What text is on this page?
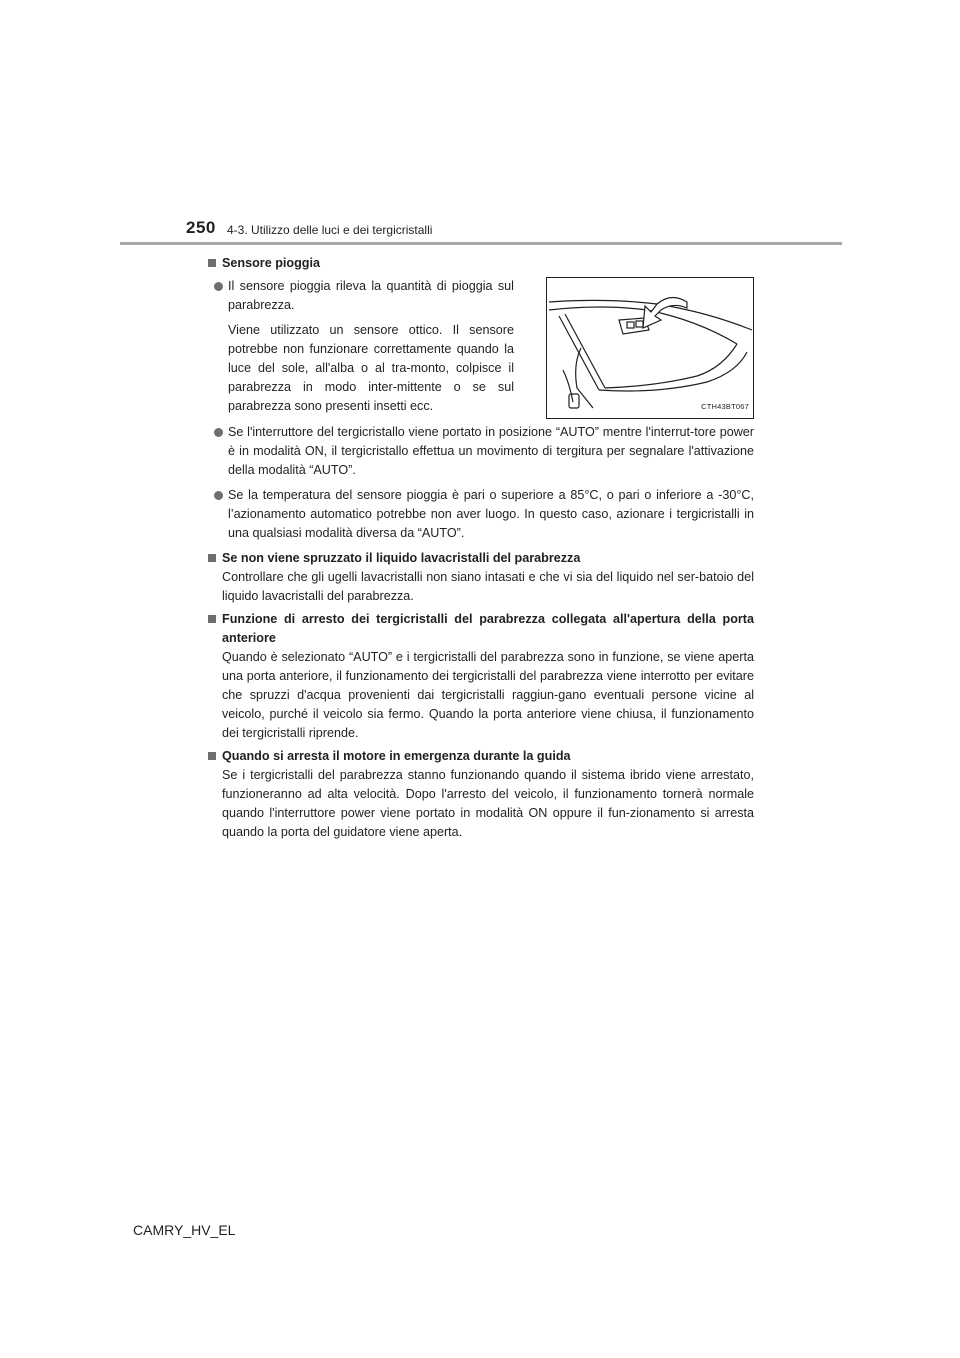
250 4-3. Utilizzo delle luci e dei tergicristalli
Sensore pioggia
Il sensore pioggia rileva la quantità di pioggia sul parabrezza.
Viene utilizzato un sensore ottico. Il sensore potrebbe non funzionare correttamente quando la luce del sole, all'alba o al tra-monto, colpisce il parabrezza in modo inter-mittente o se sul parabrezza sono presenti insetti ecc.	CTH43BT067
Se l'interruttore del tergicristallo viene portato in posizione “AUTO” mentre l'interrut-tore power è in modalità ON, il tergicristallo effettua un movimento di tergitura per segnalare l'attivazione della modalità “AUTO”.
Se la temperatura del sensore pioggia è pari o superiore a 85°C, o pari o inferiore a -30°C, l’azionamento automatico potrebbe non aver luogo. In questo caso, azionare i tergicristalli in una qualsiasi modalità diversa da “AUTO”.
Se non viene spruzzato il liquido lavacristalli del parabrezza
Controllare che gli ugelli lavacristalli non siano intasati e che vi sia del liquido nel ser-batoio del liquido lavacristalli del parabrezza.
Funzione di arresto dei tergicristalli del parabrezza collegata all'apertura della porta anteriore
Quando è selezionato “AUTO” e i tergicristalli del parabrezza sono in funzione, se viene aperta una porta anteriore, il funzionamento dei tergicristalli del parabrezza viene interrotto per evitare che spruzzi d'acqua provenienti dai tergicristalli raggiun-gano eventuali persone vicine al veicolo, purché il veicolo sia fermo. Quando la porta anteriore viene chiusa, il funzionamento dei tergicristalli riprende.
Quando si arresta il motore in emergenza durante la guida
Se i tergicristalli del parabrezza stanno funzionando quando il sistema ibrido viene arrestato, funzioneranno ad alta velocità. Dopo l'arresto del veicolo, il funzionamento tornerà normale quando l'interruttore power viene portato in modalità ON oppure il fun-zionamento si arresta quando la porta del guidatore viene aperta.
CAMRY_HV_EL
